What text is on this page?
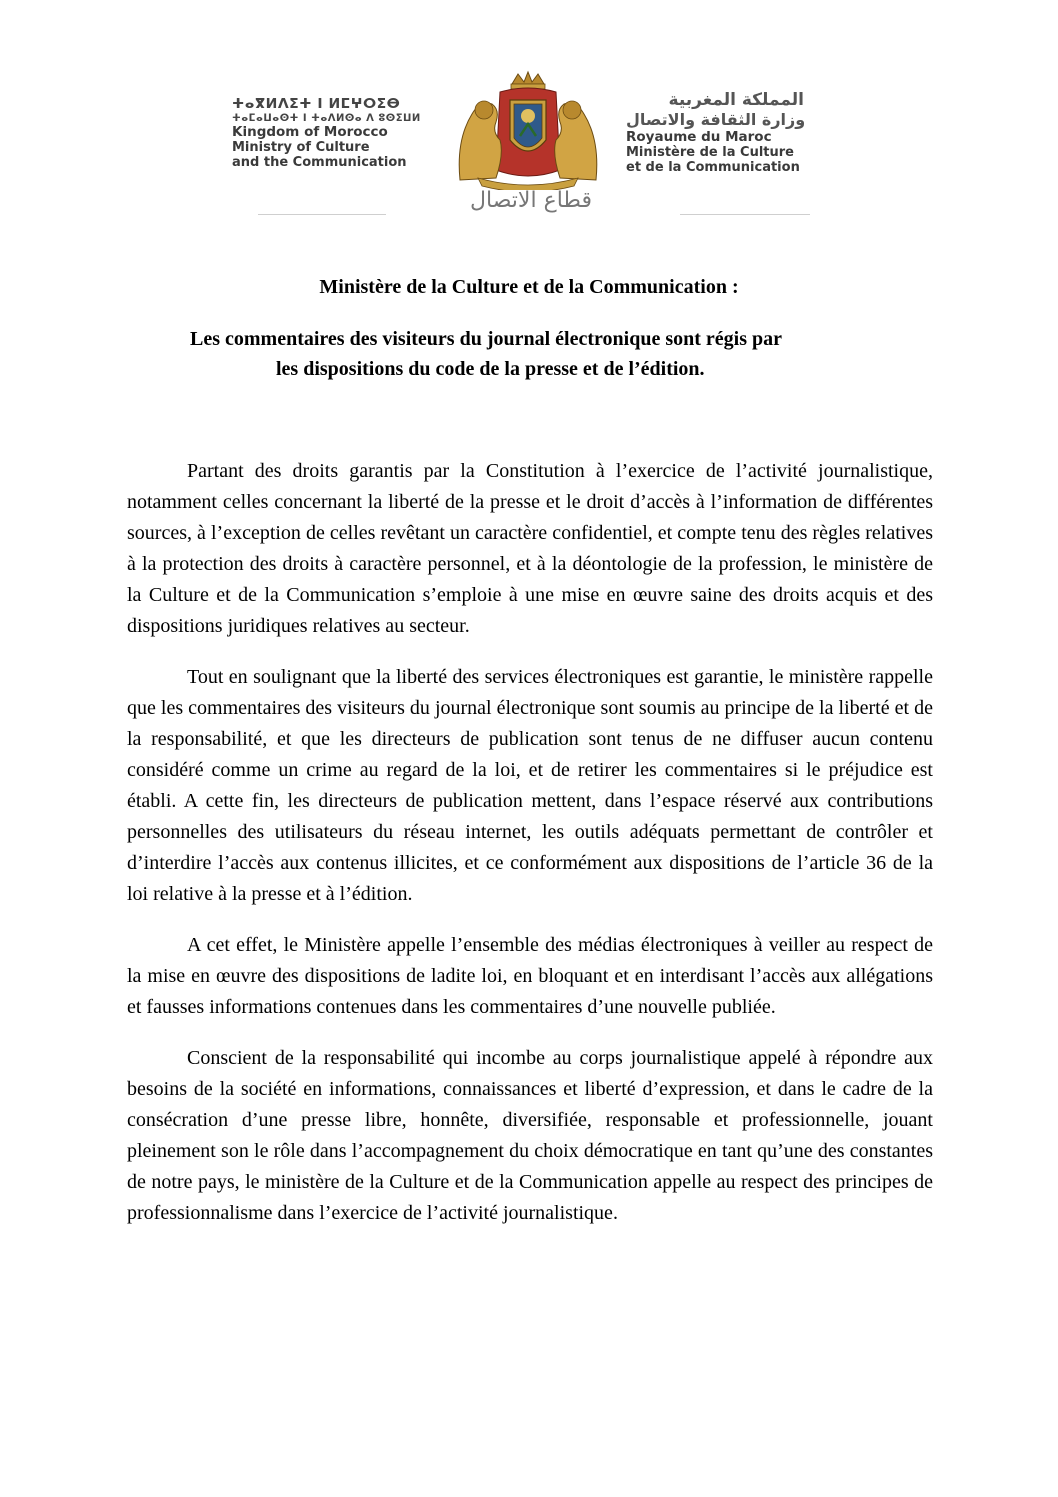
ⵜⴰⴳⵍⴷⵉⵜ ⵏ ⵍⵎⵖⵔⵉⴱ
ⵜⴰⵎⴰⵡⴰⵙⵜ ⵏ ⵜⴰⴷⵍⵙⴰ ⴷ ⵓⵙⵉⵡⵍ
Kingdom of Morocco
Ministry of Culture
and the Communication
قطاع الاتصال
المملكة المغربية
وزارة الثقافة والاتصال
Royaume du Maroc
Ministère de la Culture
et de la Communication
Ministère de la Culture et de la Communication :
Les commentaires des visiteurs du journal électronique sont régis par
les dispositions du code de la presse et de l’édition.

Partant des droits garantis par la Constitution à l’exercice de l’activité journalistique, notamment celles concernant la liberté de la presse et le droit d’accès à l’information de différentes sources, à l’exception de celles revêtant un caractère confidentiel, et compte tenu des règles relatives à la protection des droits à caractère personnel, et à la déontologie de la profession, le ministère de la Culture et de la Communication s’emploie à une mise en œuvre saine des droits acquis et des dispositions juridiques relatives au secteur.

Tout en soulignant que la liberté des services électroniques est garantie, le ministère rappelle que les commentaires des visiteurs du journal électronique sont soumis au principe de la liberté et de la responsabilité, et que les directeurs de publication sont tenus de ne diffuser aucun contenu considéré comme un crime au regard de la loi, et de retirer les commentaires si le préjudice est établi. A cette fin, les directeurs de publication mettent, dans l’espace réservé aux contributions personnelles des utilisateurs du réseau internet, les outils adéquats permettant de contrôler et d’interdire l’accès aux contenus illicites, et ce conformément aux dispositions de l’article 36 de la loi relative à la presse et à l’édition.

A cet effet, le Ministère appelle l’ensemble des médias électroniques à veiller au respect de la mise en œuvre des dispositions de ladite loi, en bloquant et en interdisant l’accès aux allégations et fausses informations contenues dans les commentaires d’une nouvelle publiée.

Conscient de la responsabilité qui incombe au corps journalistique appelé à répondre aux besoins de la société en informations, connaissances et liberté d’expression, et dans le cadre de la consécration d’une presse libre, honnête, diversifiée, responsable et professionnelle, jouant pleinement son le rôle dans l’accompagnement du choix démocratique en tant qu’une des constantes de notre pays, le ministère de la Culture et de la Communication appelle au respect des principes de professionnalisme dans l’exercice de l’activité journalistique.
